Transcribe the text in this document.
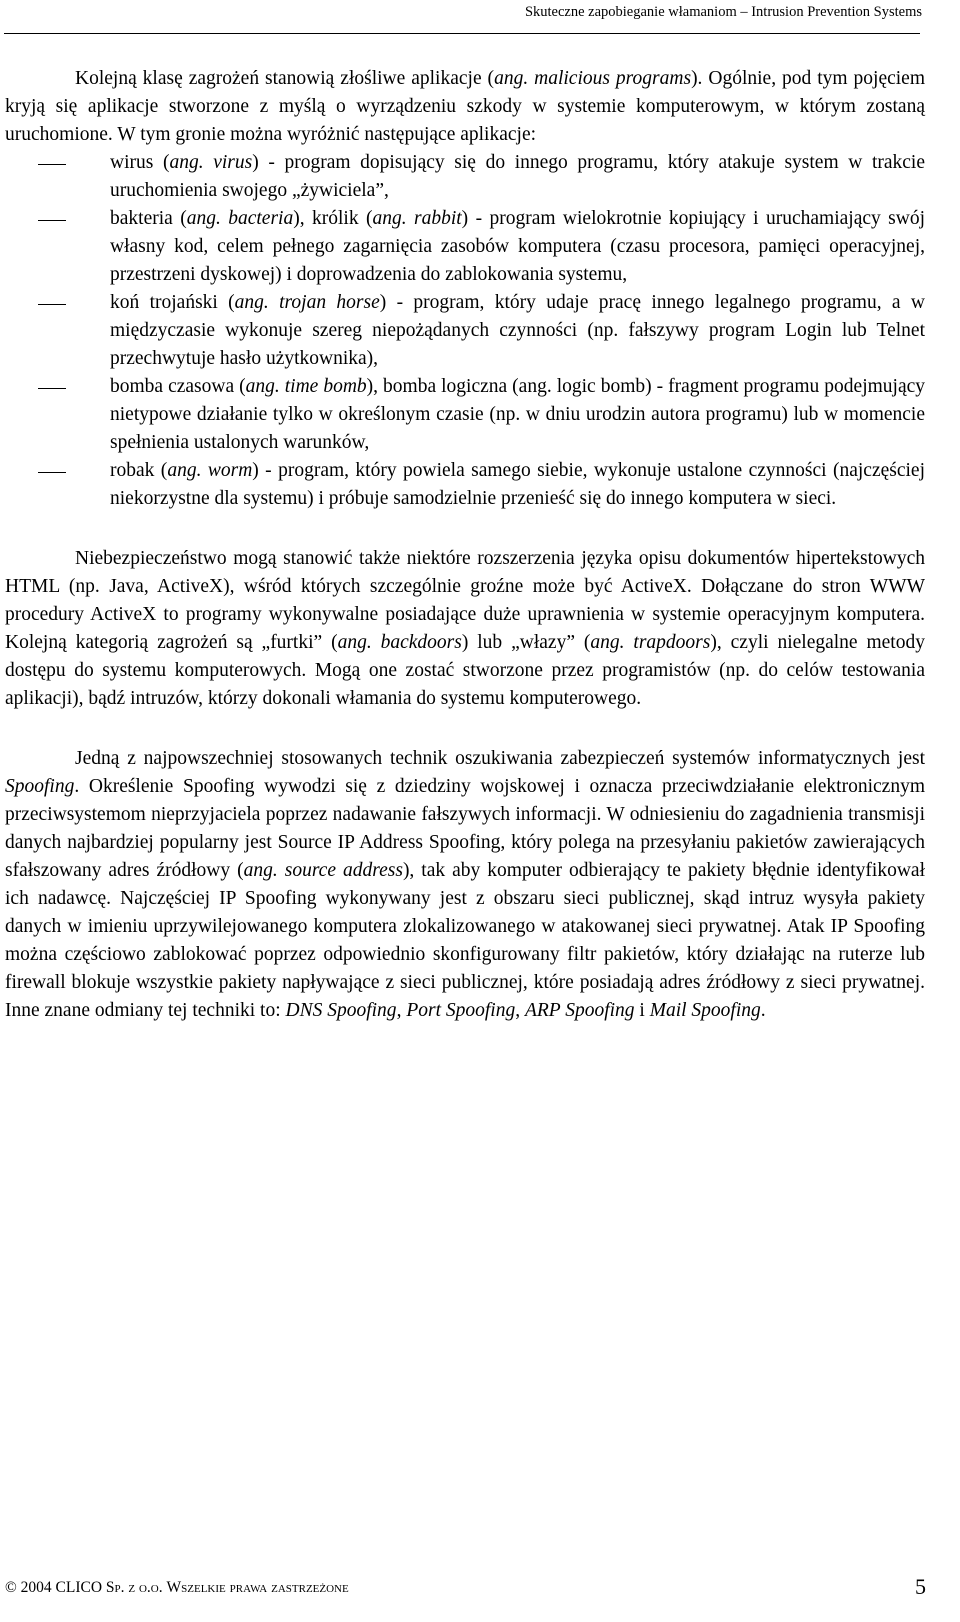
Skuteczne zapobieganie włamaniom – Intrusion Prevention Systems

Kolejną klasę zagrożeń stanowią złośliwe aplikacje (ang. malicious programs). Ogólnie, pod tym pojęciem kryją się aplikacje stworzone z myślą o wyrządzeniu szkody w systemie komputerowym, w którym zostaną uruchomione. W tym gronie można wyróżnić następujące aplikacje:

wirus (ang. virus) - program dopisujący się do innego programu, który atakuje system w trakcie uruchomienia swojego „żywiciela”,
bakteria (ang. bacteria), królik (ang. rabbit) - program wielokrotnie kopiujący i uruchamiający swój własny kod, celem pełnego zagarnięcia zasobów komputera (czasu procesora, pamięci operacyjnej, przestrzeni dyskowej) i doprowadzenia do zablokowania systemu,
koń trojański (ang. trojan horse) - program, który udaje pracę innego legalnego programu, a w międzyczasie wykonuje szereg niepożądanych czynności (np. fałszywy program Login lub Telnet przechwytuje hasło użytkownika),
bomba czasowa (ang. time bomb), bomba logiczna (ang. logic bomb) - fragment programu podejmujący nietypowe działanie tylko w określonym czasie (np. w dniu urodzin autora programu) lub w momencie spełnienia ustalonych warunków,
robak (ang. worm) - program, który powiela samego siebie, wykonuje ustalone czynności (najczęściej niekorzystne dla systemu) i próbuje samodzielnie przenieść się do innego komputera w sieci.

Niebezpieczeństwo mogą stanowić także niektóre rozszerzenia języka opisu dokumentów hipertekstowych HTML (np. Java, ActiveX), wśród których szczególnie groźne może być ActiveX. Dołączane do stron WWW procedury ActiveX to programy wykonywalne posiadające duże uprawnienia w systemie operacyjnym komputera. Kolejną kategorią zagrożeń są „furtki” (ang. backdoors) lub „włazy” (ang. trapdoors), czyli nielegalne metody dostępu do systemu komputerowych. Mogą one zostać stworzone przez programistów (np. do celów testowania aplikacji), bądź intruzów, którzy dokonali włamania do systemu komputerowego.

Jedną z najpowszechniej stosowanych technik oszukiwania zabezpieczeń systemów informatycznych jest Spoofing. Określenie Spoofing wywodzi się z dziedziny wojskowej i oznacza przeciwdziałanie elektronicznym przeciwsystemom nieprzyjaciela poprzez nadawanie fałszywych informacji. W odniesieniu do zagadnienia transmisji danych najbardziej popularny jest Source IP Address Spoofing, który polega na przesyłaniu pakietów zawierających sfałszowany adres źródłowy (ang. source address), tak aby komputer odbierający te pakiety błędnie identyfikował ich nadawcę. Najczęściej IP Spoofing wykonywany jest z obszaru sieci publicznej, skąd intruz wysyła pakiety danych w imieniu uprzywilejowanego komputera zlokalizowanego w atakowanej sieci prywatnej. Atak IP Spoofing można częściowo zablokować poprzez odpowiednio skonfigurowany filtr pakietów, który działając na ruterze lub firewall blokuje wszystkie pakiety napływające z sieci publicznej, które posiadają adres źródłowy z sieci prywatnej. Inne znane odmiany tej techniki to: DNS Spoofing, Port Spoofing, ARP Spoofing i Mail Spoofing.

© 2004 CLICO Sp. z o.o. Wszelkie prawa zastrzeżone	5
